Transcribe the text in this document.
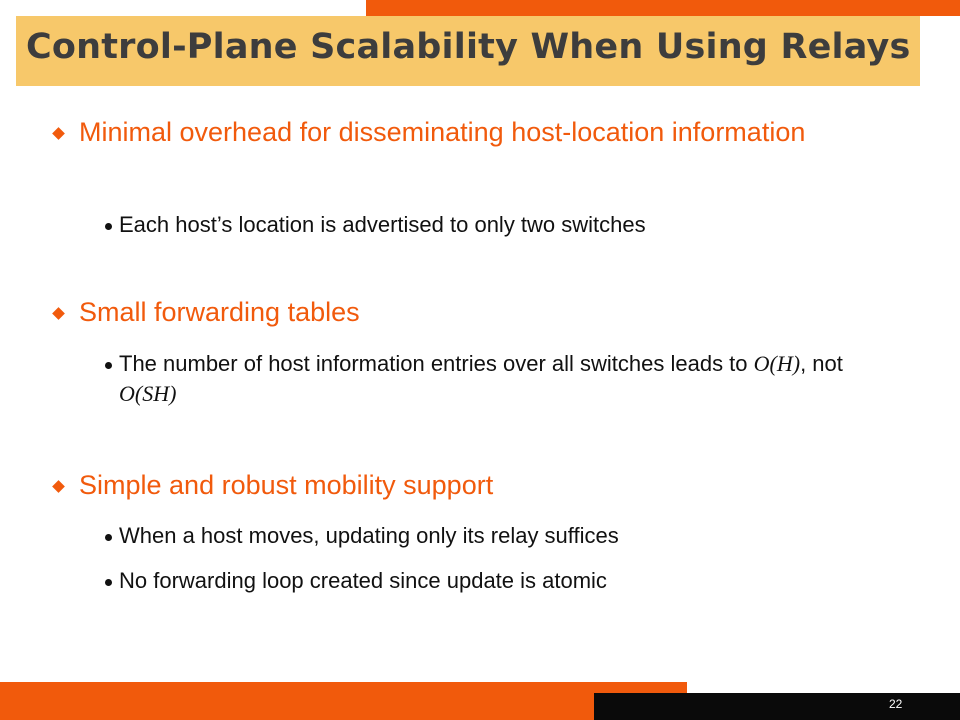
Control-Plane Scalability When Using Relays
Minimal overhead for disseminating host-location information
Each host’s location is advertised to only two switches
Small forwarding tables
The number of host information entries over all switches leads to O(H), not O(SH)
Simple and robust mobility support
When a host moves, updating only its relay suffices
No forwarding loop created since update is atomic
22
